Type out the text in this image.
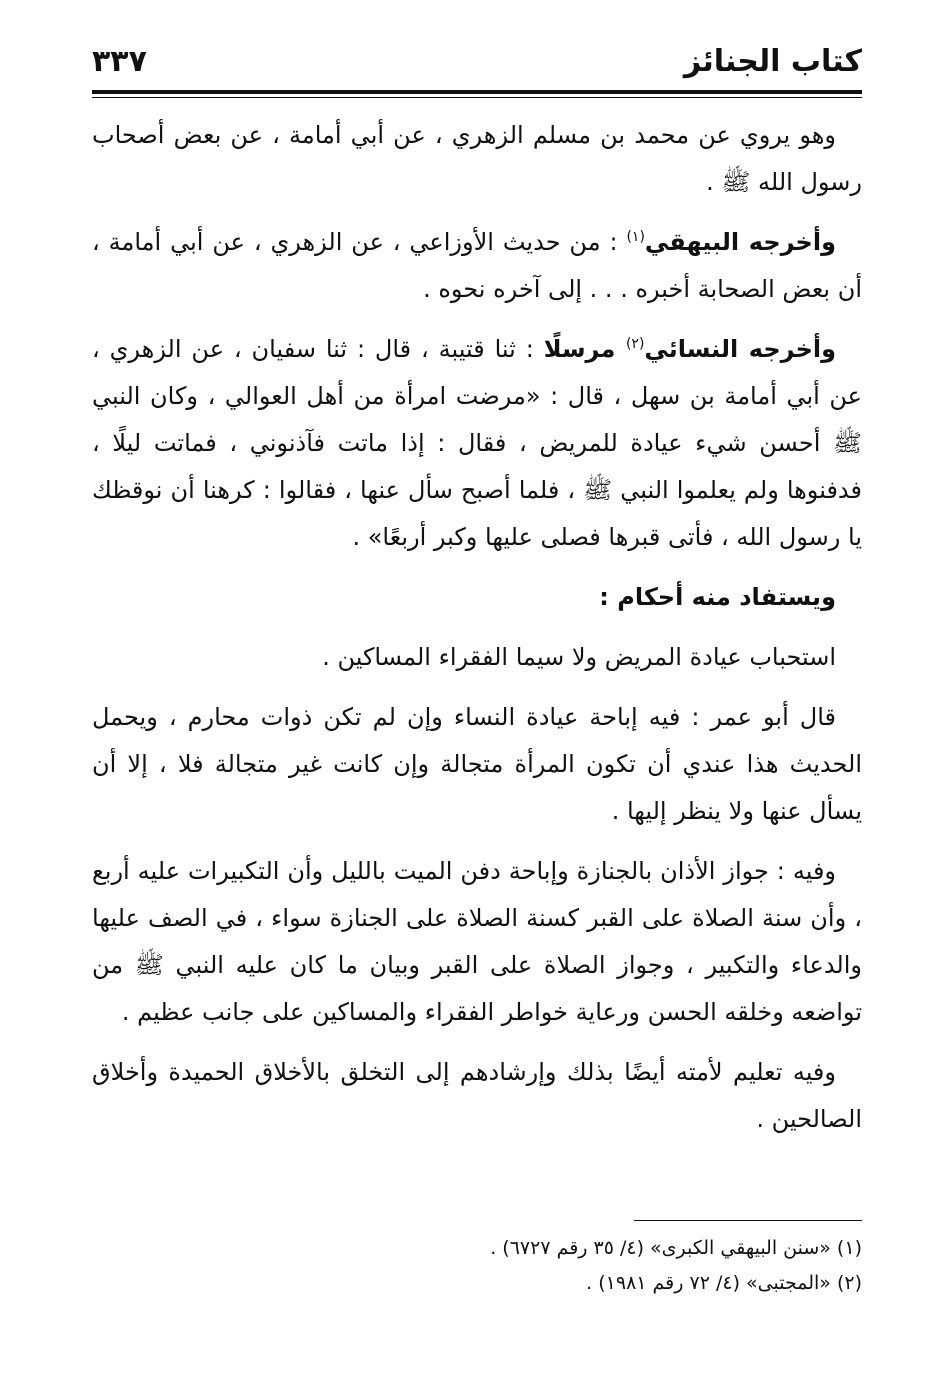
كتاب الجنائز
٣٣٧

وهو يروي عن محمد بن مسلم الزهري ، عن أبي أمامة ، عن بعض أصحاب رسول الله ﷺ .

وأخرجه البيهقي$^{(١)}$ : من حديث الأوزاعي ، عن الزهري ، عن أبي أمامة ، أن بعض الصحابة أخبره . . . إلى آخره نحوه .

وأخرجه النسائي$^{(٢)}$ مرسلًا : ثنا قتيبة ، قال : ثنا سفيان ، عن الزهري ، عن أبي أمامة بن سهل ، قال : «مرضت امرأة من أهل العوالي ، وكان النبي ﷺ أحسن شيء عيادة للمريض ، فقال : إذا ماتت فآذنوني ، فماتت ليلًا ، فدفنوها ولم يعلموا النبي ﷺ ، فلما أصبح سأل عنها ، فقالوا : كرهنا أن نوقظك يا رسول الله ، فأتى قبرها فصلى عليها وكبر أربعًا» .

ويستفاد منه أحكام :

استحباب عيادة المريض ولا سيما الفقراء المساكين .

قال أبو عمر : فيه إباحة عيادة النساء وإن لم تكن ذوات محارم ، ويحمل الحديث هذا عندي أن تكون المرأة متجالة وإن كانت غير متجالة فلا ، إلا أن يسأل عنها ولا ينظر إليها .

وفيه : جواز الأذان بالجنازة وإباحة دفن الميت بالليل وأن التكبيرات عليه أربع ، وأن سنة الصلاة على القبر كسنة الصلاة على الجنازة سواء ، في الصف عليها والدعاء والتكبير ، وجواز الصلاة على القبر وبيان ما كان عليه النبي ﷺ من تواضعه وخلقه الحسن ورعاية خواطر الفقراء والمساكين على جانب عظيم .

وفيه تعليم لأمته أيضًا بذلك وإرشادهم إلى التخلق بالأخلاق الحميدة وأخلاق الصالحين .

(١) «سنن البيهقي الكبرى» (٤/ ٣٥ رقم ٦٧٢٧) .

(٢) «المجتبى» (٤/ ٧٢ رقم ١٩٨١) .
